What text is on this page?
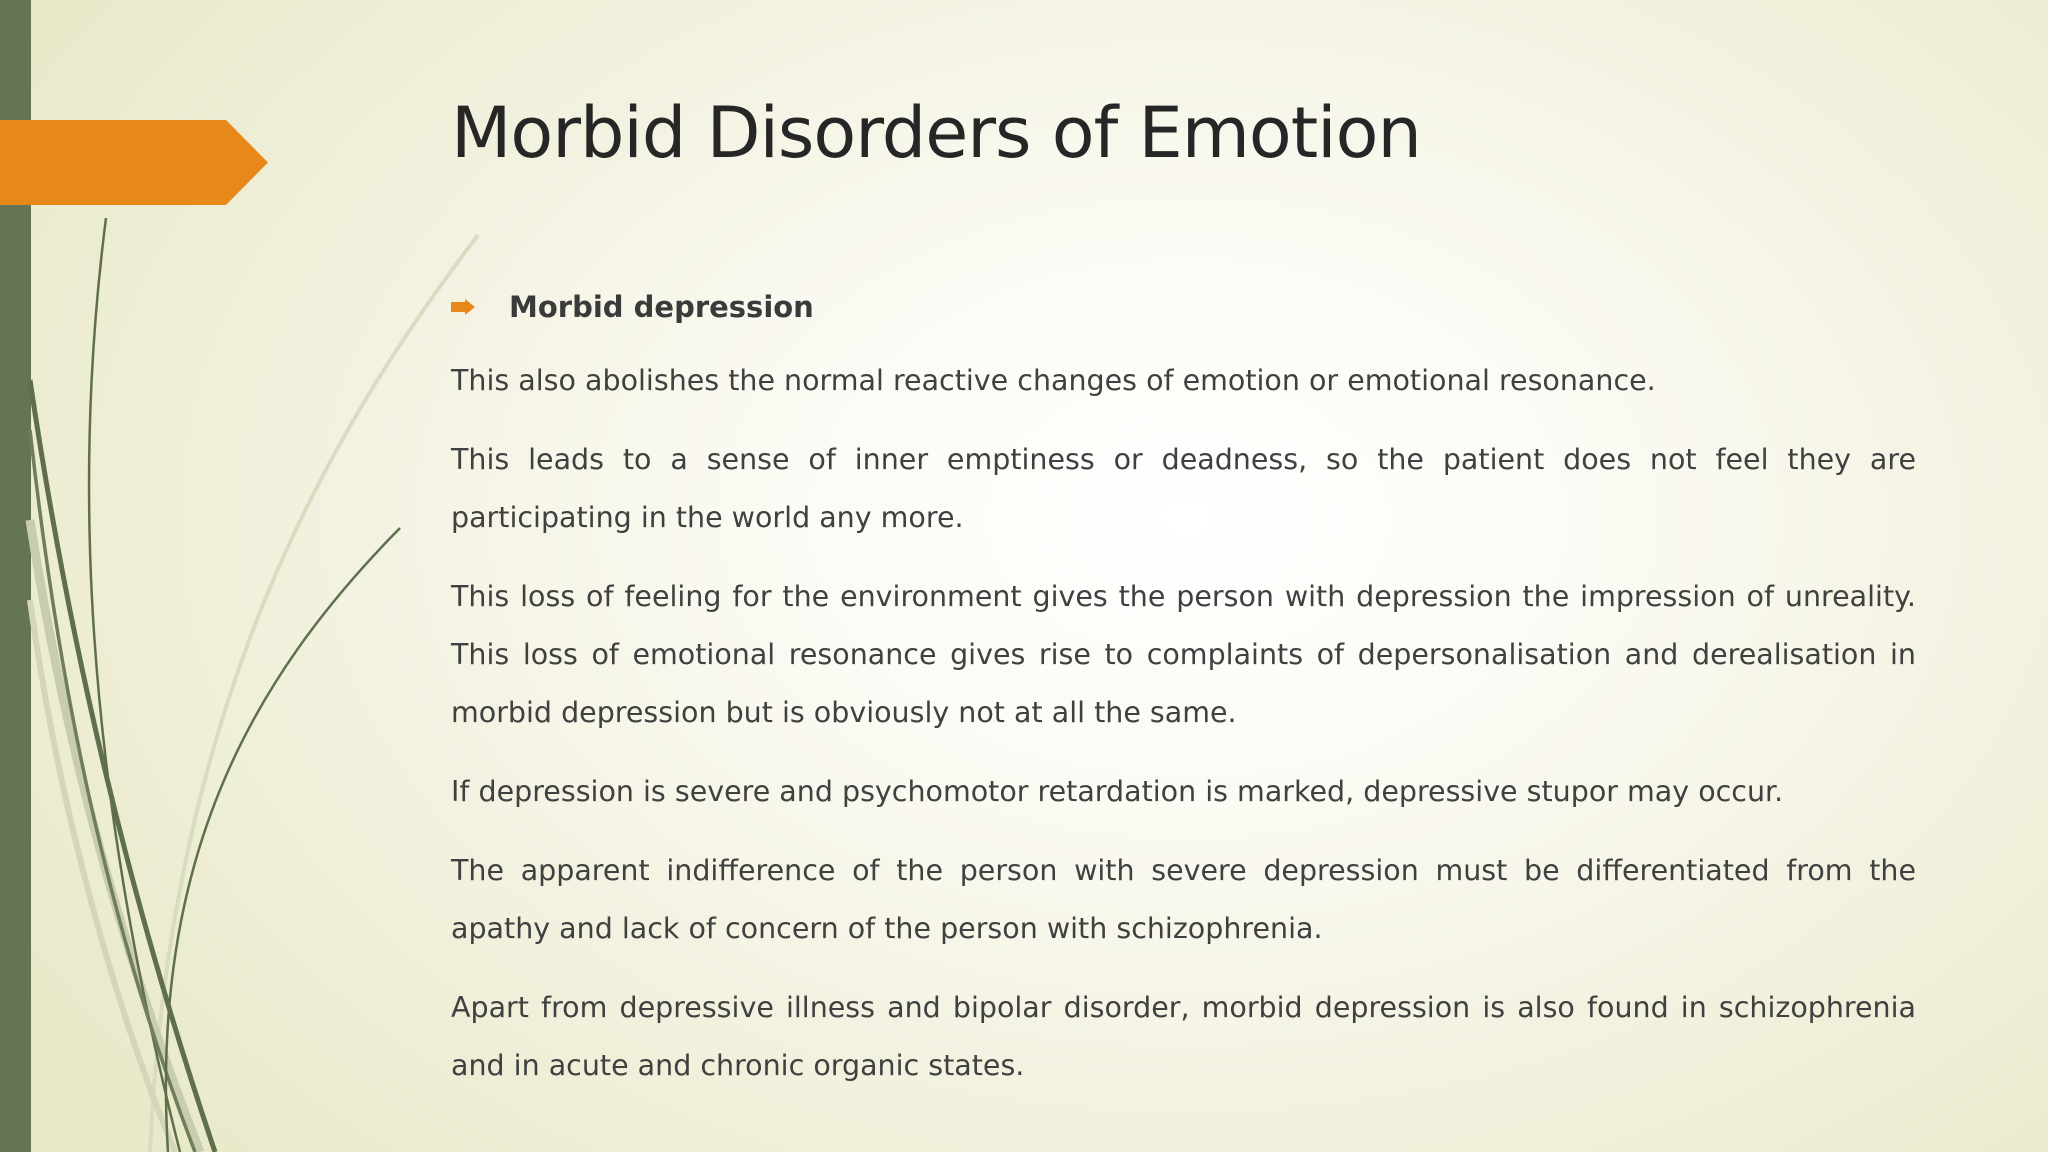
Morbid Disorders of Emotion
Morbid depression

This also abolishes the normal reactive changes of emotion or emotional resonance.

This leads to a sense of inner emptiness or deadness, so the patient does not feel they are participating in the world any more.

This loss of feeling for the environment gives the person with depression the impression of unreality. This loss of emotional resonance gives rise to complaints of depersonalisation and derealisation in morbid depression but is obviously not at all the same.

If depression is severe and psychomotor retardation is marked, depressive stupor may occur.

The apparent indifference of the person with severe depression must be differentiated from the apathy and lack of concern of the person with schizophrenia.

Apart from depressive illness and bipolar disorder, morbid depression is also found in schizophrenia and in acute and chronic organic states.
